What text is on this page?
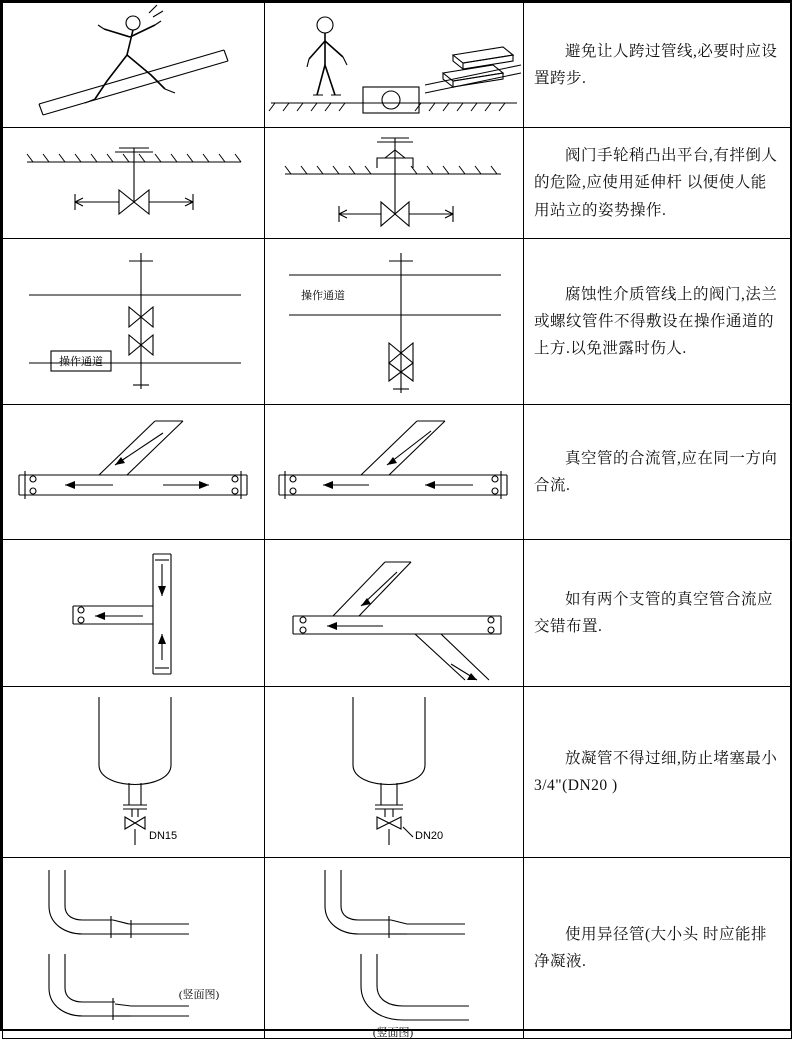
避免让人跨过管线,必要时应设置跨步.

阀门手轮稍凸出平台,有拌倒人的危险,应使用延伸杆 以便使人能用站立的姿势操作.

操作通道	操作通道	腐蚀性介质管线上的阀门,法兰或螺纹管件不得敷设在操作通道的上方.以免泄露时伤人.

真空管的合流管,应在同一方向合流.

如有两个支管的真空管合流应交错布置.

DN15	DN20	放凝管不得过细,防止堵塞最小3/4"(DN20 )

(竖面图)	(竖面图)	使用异径管(大小头 时应能排净凝液.
